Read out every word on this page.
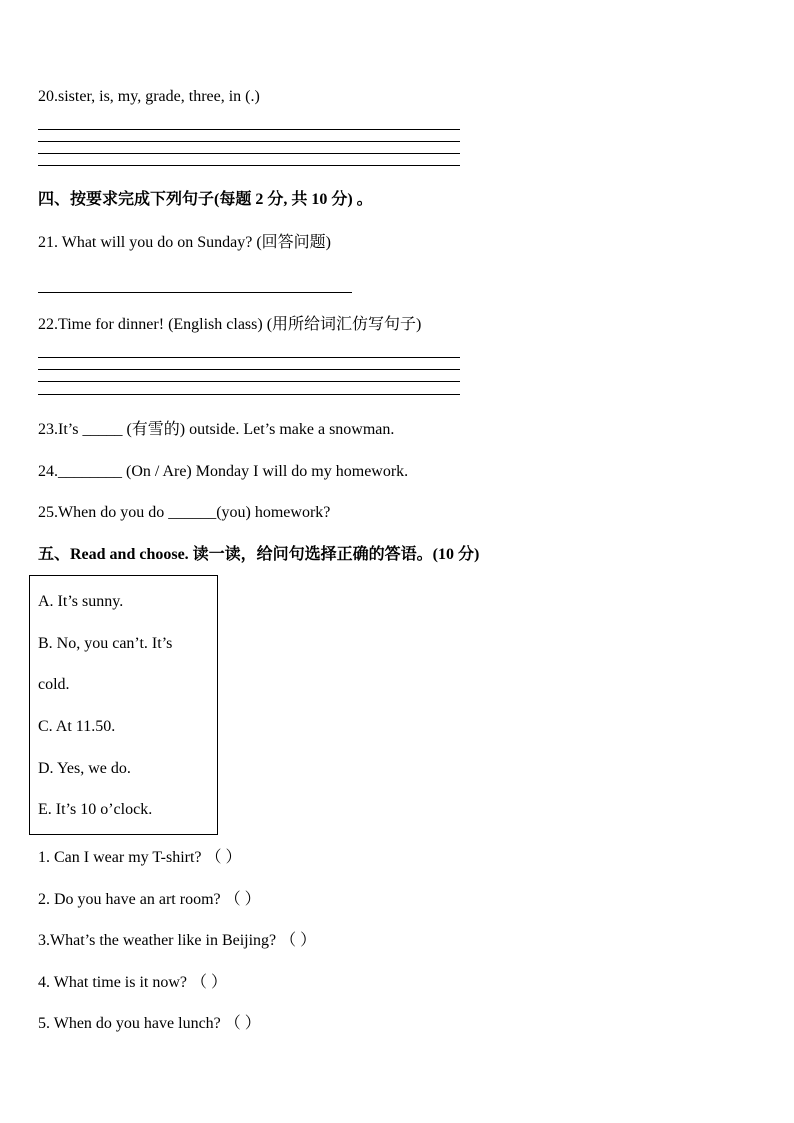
20.sister, is, my, grade, three, in (.)
四、按要求完成下列句子(每题 2 分, 共 10 分) 。
21. What will you do on Sunday? (回答问题)
22.Time for dinner! (English class) (用所给词汇仿写句子)
23.It’s _____ (有雪的) outside. Let’s make a snowman.
24.________ (On / Are) Monday I will do my homework.
25.When do you do ______(you) homework?
五、Read and choose. 读一读，给问句选择正确的答语。(10 分)
A. It’s sunny.
B. No, you can’t. It’s
cold.
C. At 11.50.
D. Yes, we do.
E. It’s 10 o’clock.
1. Can I wear my T-shirt? （ ）
2. Do you have an art room? （ ）
3.What’s the weather like in Beijing? （ ）
4. What time is it now? （ ）
5. When do you have lunch? （ ）
